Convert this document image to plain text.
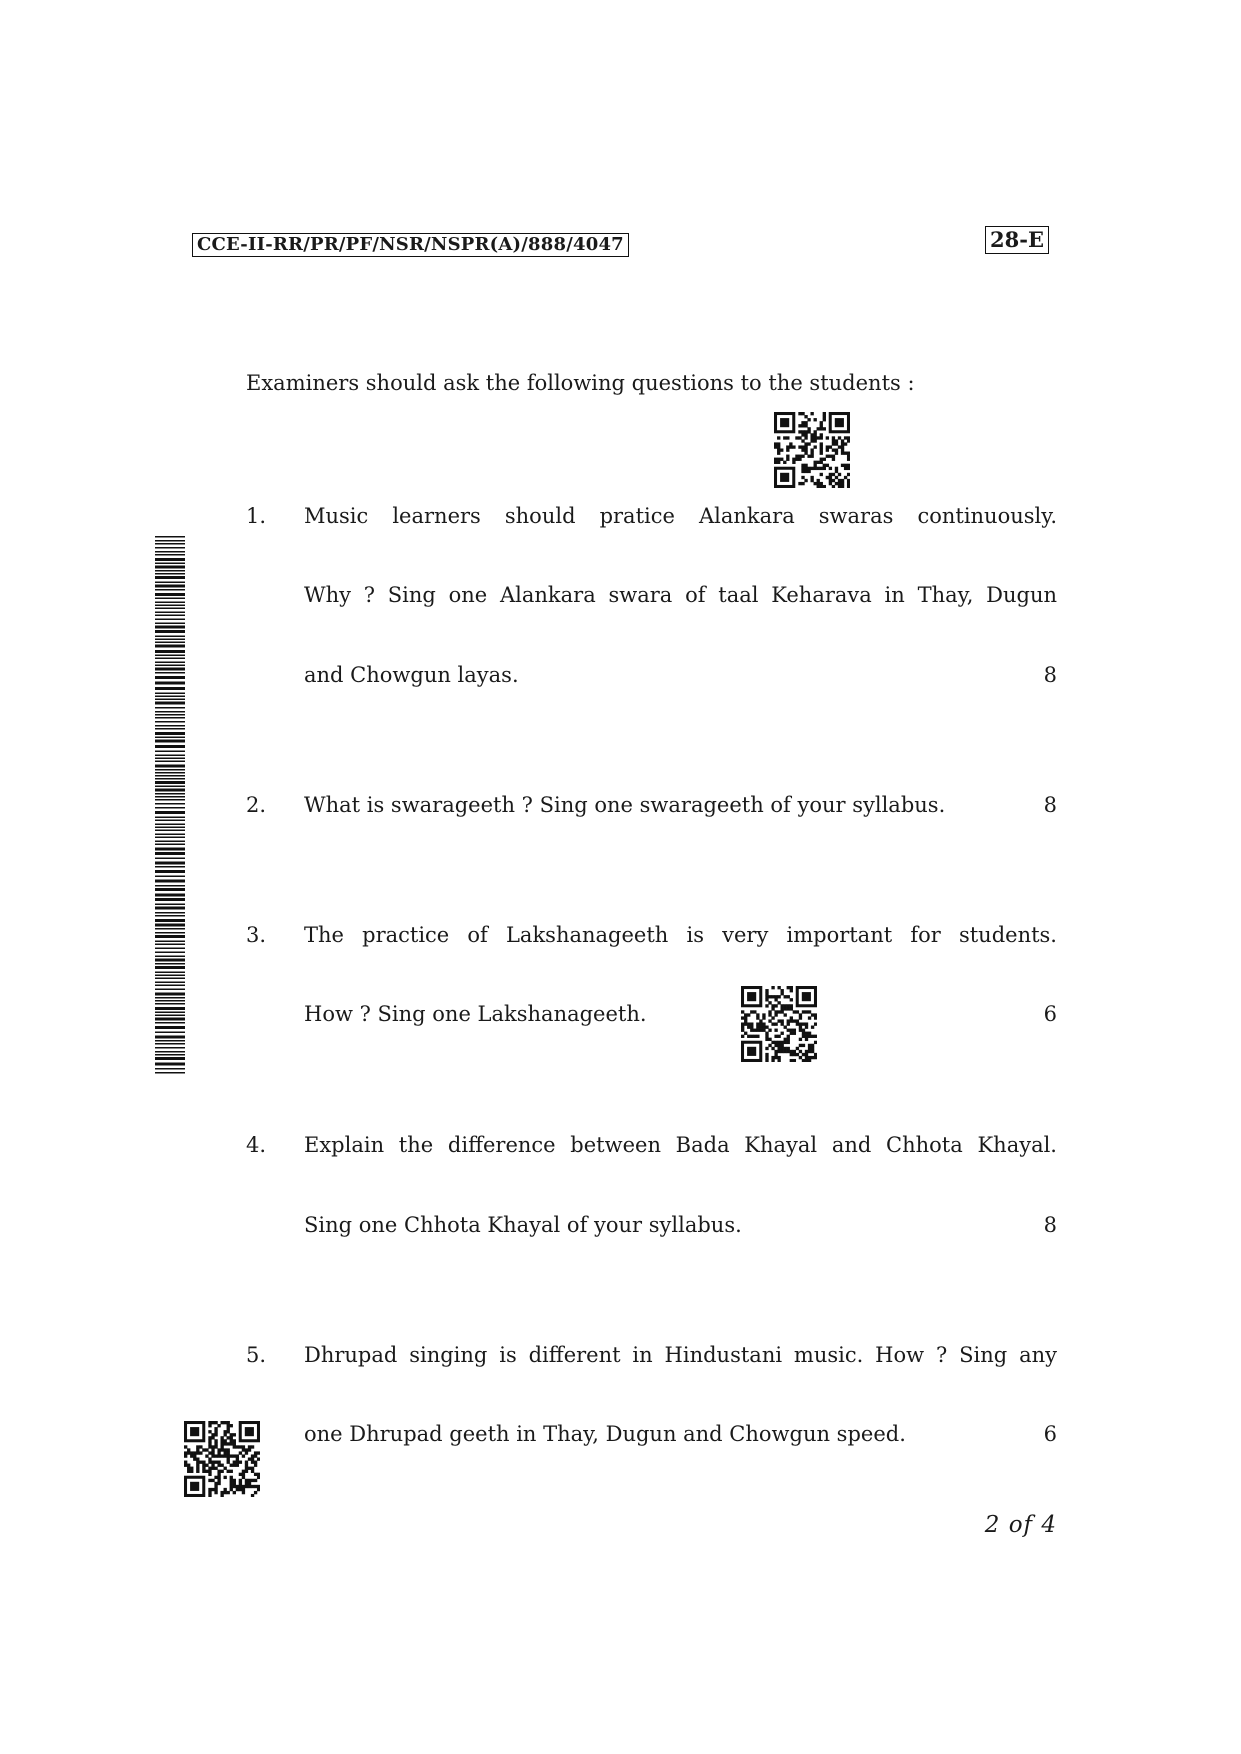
CCE-II-RR/PR/PF/NSR/NSPR(A)/888/4047	28-E
Examiners should ask the following questions to the students :
1. Music learners should pratice Alankara swaras continuously.
Why ? Sing one Alankara swara of taal Keharava in Thay, Dugun
and Chowgun layas.	8
2. What is swarageeth ? Sing one swarageeth of your syllabus.	8
3. The practice of Lakshanageeth is very important for students.
How ? Sing one Lakshanageeth.	6
4. Explain the difference between Bada Khayal and Chhota Khayal.
Sing one Chhota Khayal of your syllabus.	8
5. Dhrupad singing is different in Hindustani music. How ? Sing any
one Dhrupad geeth in Thay, Dugun and Chowgun speed.	6
2 of 4
